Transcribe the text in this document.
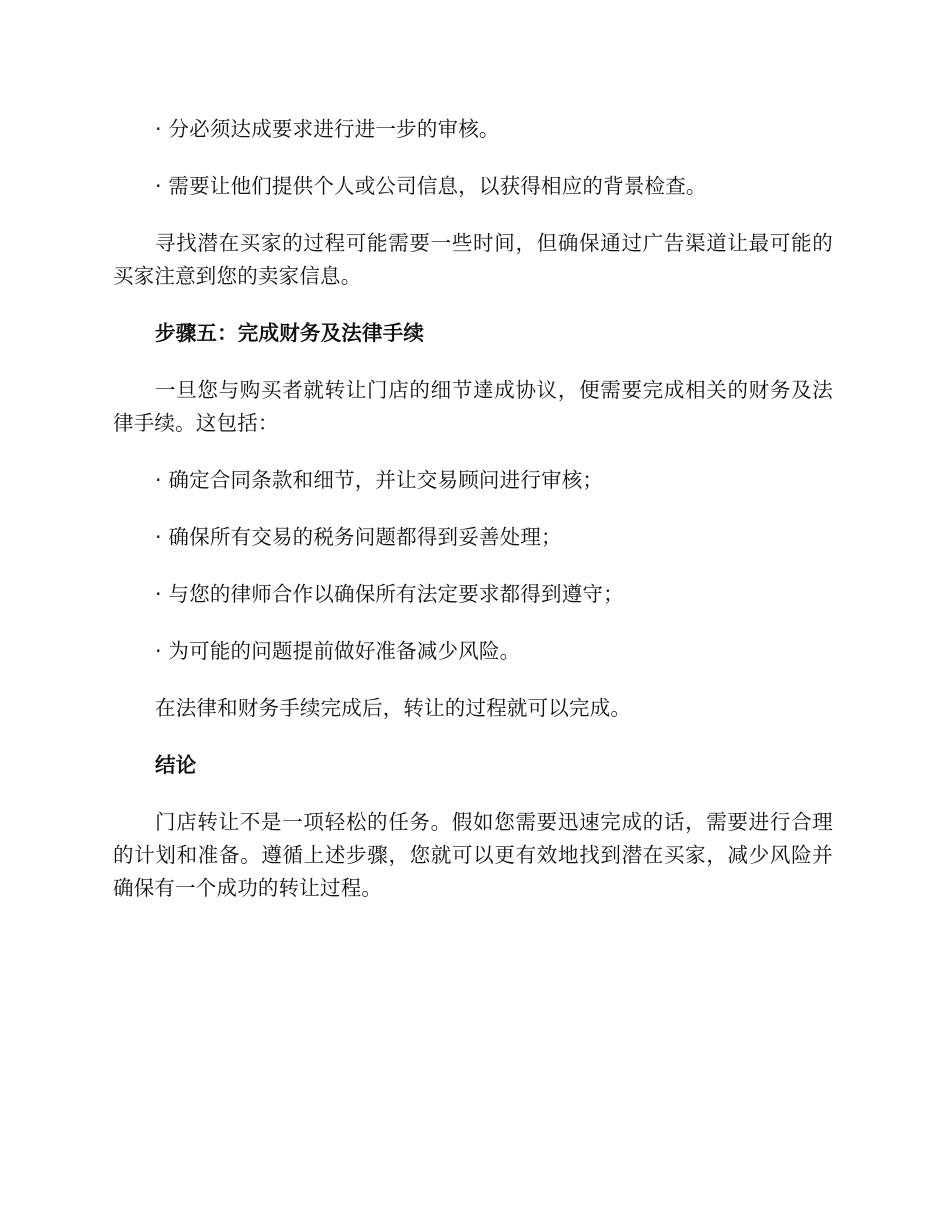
· 分必须达成要求进行进一步的审核。

· 需要让他们提供个人或公司信息，以获得相应的背景检查。

寻找潜在买家的过程可能需要一些时间，但确保通过广告渠道让最可能的买家注意到您的卖家信息。

步骤五：完成财务及法律手续

一旦您与购买者就转让门店的细节達成协议，便需要完成相关的财务及法律手续。这包括：

· 确定合同条款和细节，并让交易顾问进行审核；

· 确保所有交易的税务问题都得到妥善处理；

· 与您的律师合作以确保所有法定要求都得到遵守；

· 为可能的问题提前做好准备减少风险。

在法律和财务手续完成后，转让的过程就可以完成。

结论

门店转让不是一项轻松的任务。假如您需要迅速完成的话，需要进行合理的计划和准备。遵循上述步骤，您就可以更有效地找到潜在买家，减少风险并确保有一个成功的转让过程。
